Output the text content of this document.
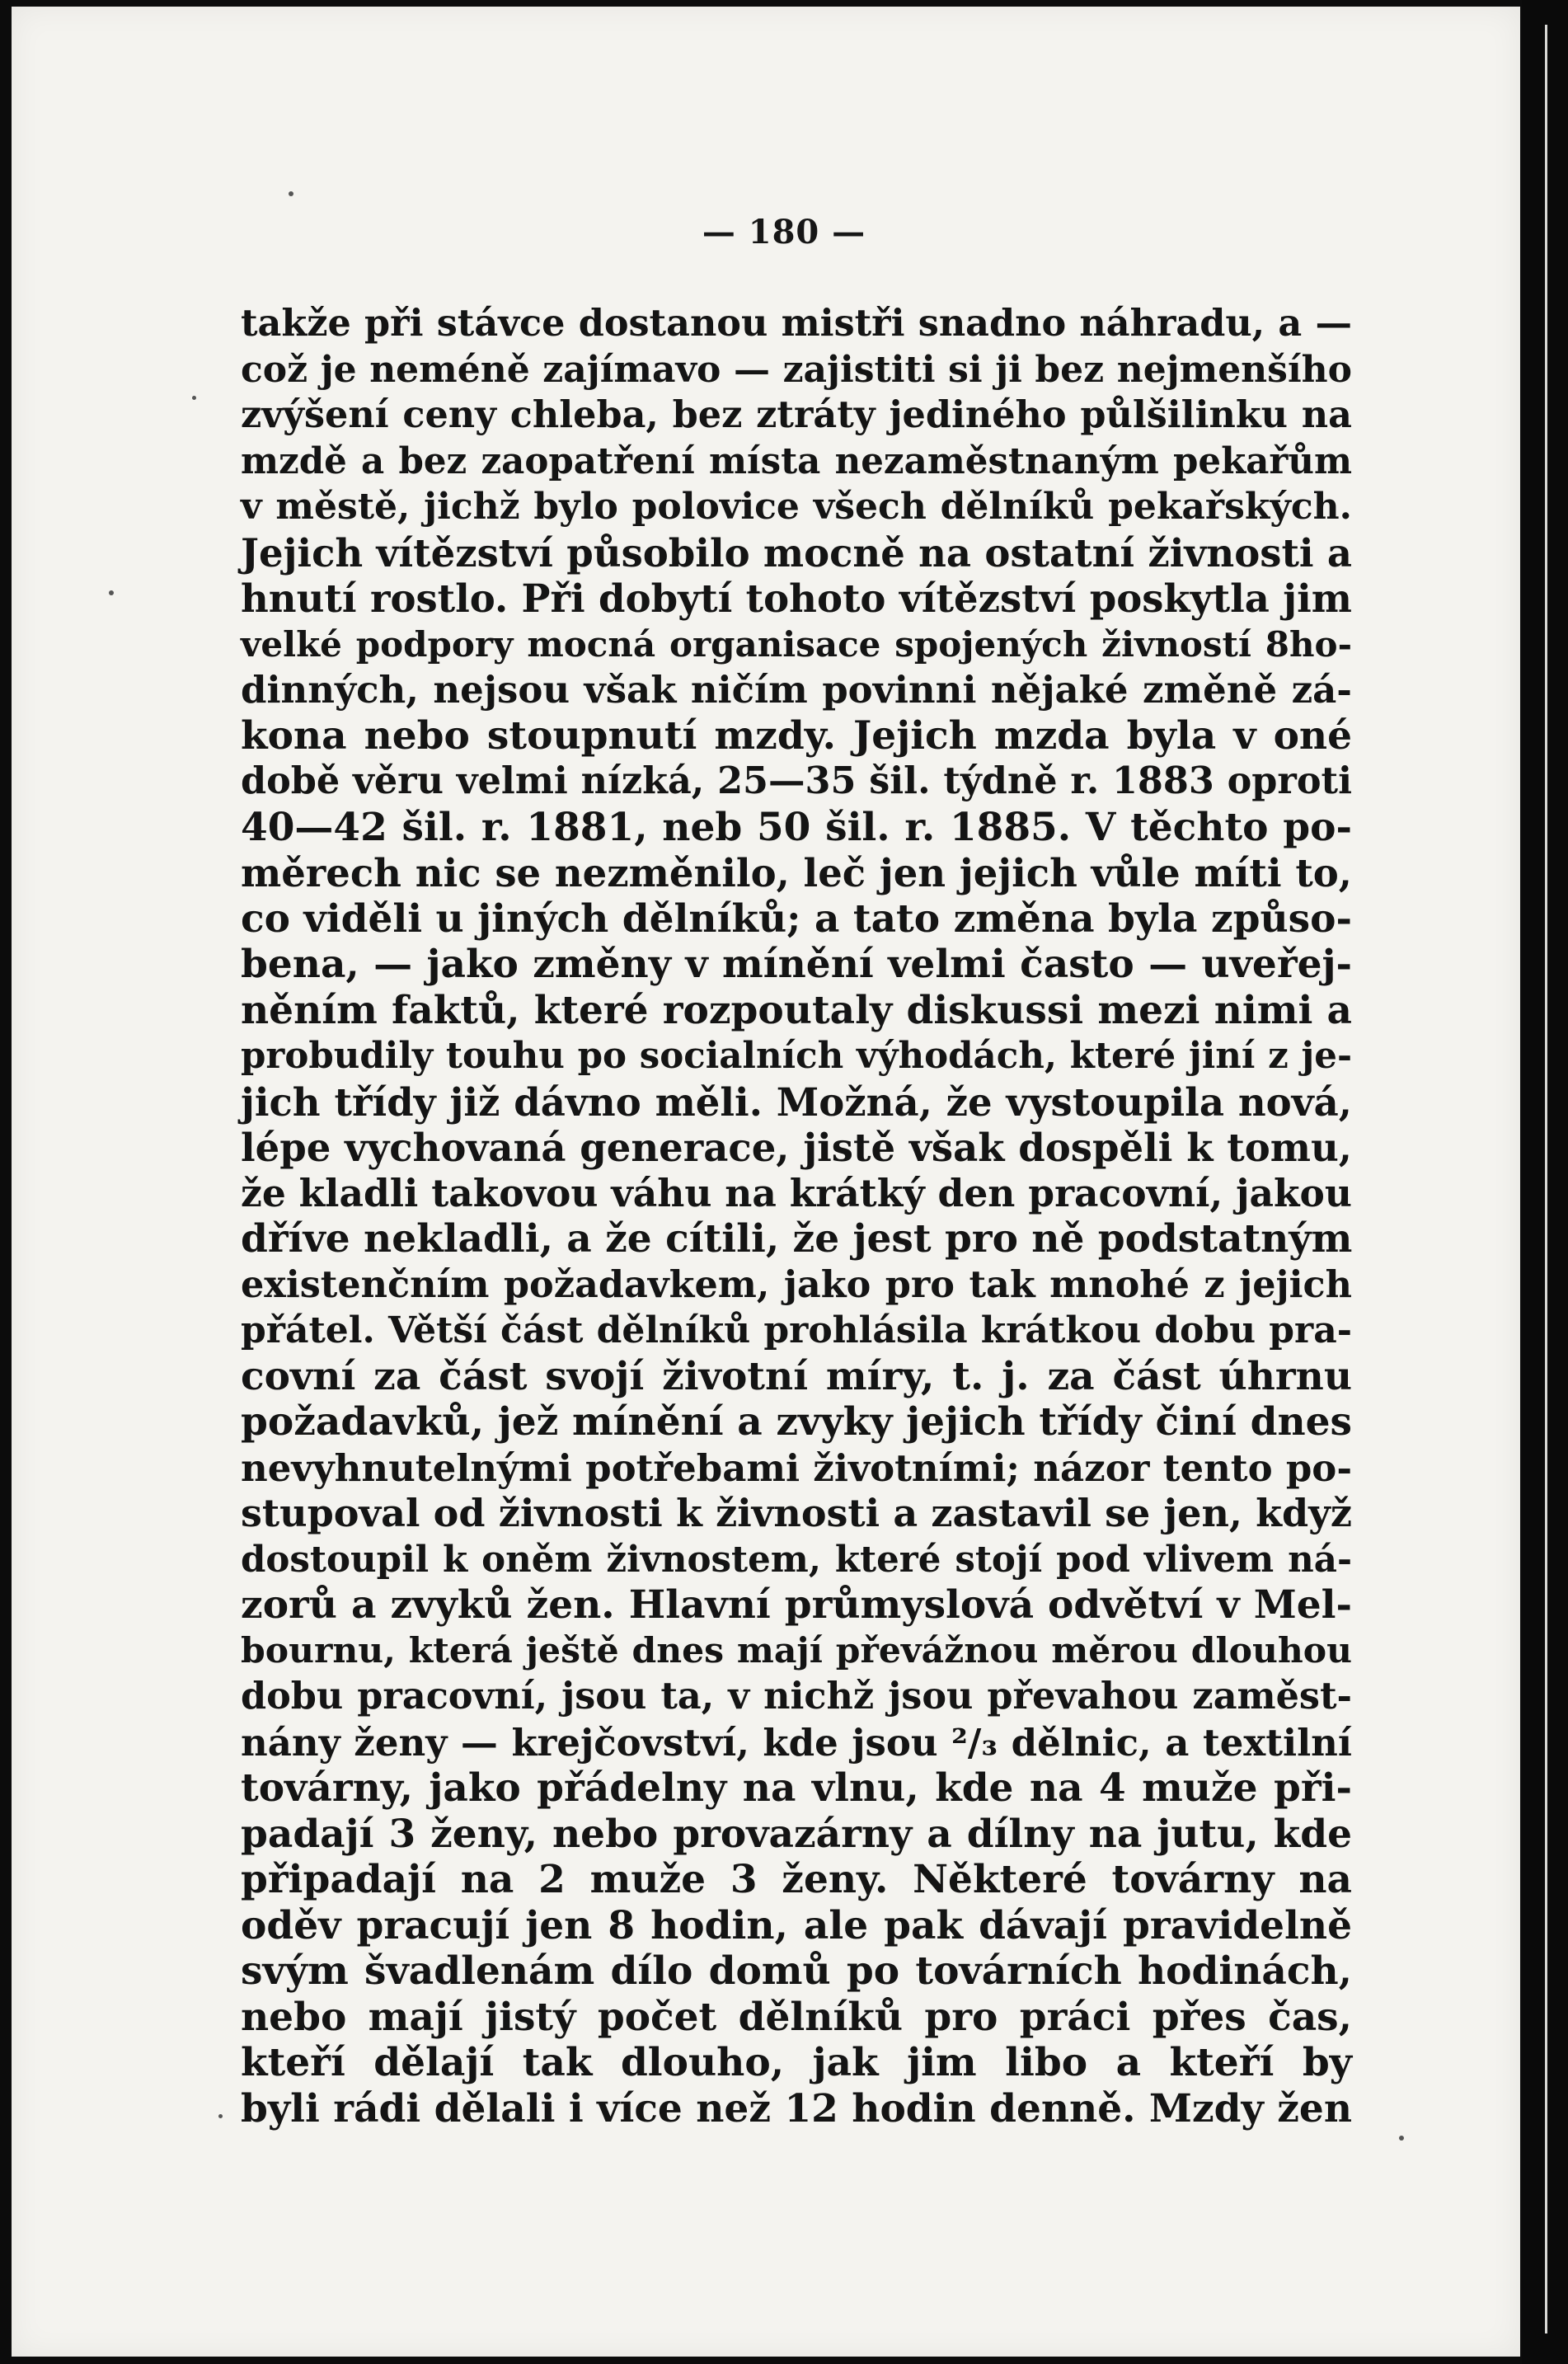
— 180 —
takže při stávce dostanou mistři snadno náhradu, a —
což je neméně zajímavo — zajistiti si ji bez nejmenšího
zvýšení ceny chleba, bez ztráty jediného půlšilinku na
mzdě a bez zaopatření místa nezaměstnaným pekařům
v městě, jichž bylo polovice všech dělníků pekařských.
Jejich vítězství působilo mocně na ostatní živnosti a
hnutí rostlo. Při dobytí tohoto vítězství poskytla jim
velké podpory mocná organisace spojených živností 8ho-
dinných, nejsou však ničím povinni nějaké změně zá-
kona nebo stoupnutí mzdy. Jejich mzda byla v oné
době věru velmi nízká, 25—35 šil. týdně r. 1883 oproti
40—42 šil. r. 1881, neb 50 šil. r. 1885. V těchto po-
měrech nic se nezměnilo, leč jen jejich vůle míti to,
co viděli u jiných dělníků; a tato změna byla způso-
bena, — jako změny v mínění velmi často — uveřej-
něním faktů, které rozpoutaly diskussi mezi nimi a
probudily touhu po socialních výhodách, které jiní z je-
jich třídy již dávno měli. Možná, že vystoupila nová,
lépe vychovaná generace, jistě však dospěli k tomu,
že kladli takovou váhu na krátký den pracovní, jakou
dříve nekladli, a že cítili, že jest pro ně podstatným
existenčním požadavkem, jako pro tak mnohé z jejich
přátel. Větší část dělníků prohlásila krátkou dobu pra-
covní za část svojí životní míry, t. j. za část úhrnu
požadavků, jež mínění a zvyky jejich třídy činí dnes
nevyhnutelnými potřebami životními; názor tento po-
stupoval od živnosti k živnosti a zastavil se jen, když
dostoupil k oněm živnostem, které stojí pod vlivem ná-
zorů a zvyků žen. Hlavní průmyslová odvětví v Mel-
bournu, která ještě dnes mají převážnou měrou dlouhou
dobu pracovní, jsou ta, v nichž jsou převahou zaměst-
nány ženy — krejčovství, kde jsou ²/₃ dělnic, a textilní
továrny, jako přádelny na vlnu, kde na 4 muže při-
padají 3 ženy, nebo provazárny a dílny na jutu, kde
připadají na 2 muže 3 ženy. Některé továrny na
oděv pracují jen 8 hodin, ale pak dávají pravidelně
svým švadlenám dílo domů po továrních hodinách,
nebo mají jistý počet dělníků pro práci přes čas,
kteří dělají tak dlouho, jak jim libo a kteří by
byli rádi dělali i více než 12 hodin denně. Mzdy žen
